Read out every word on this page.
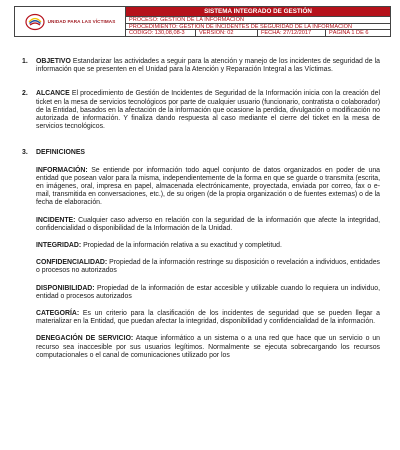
UNIDAD PARA LAS VÍCTIMAS
SISTEMA INTEGRADO DE GESTIÓN
PROCESO: GESTIÓN DE LA INFORMACIÓN
PROCEDIMIENTO: GESTIÓN DE INCIDENTES DE SEGURIDAD DE LA INFORMACIÓN
CÓDIGO: 130,08,08-3	VERSIÓN: 02	FECHA: 27/12/2017	PÁGINA 1 DE 6
1.	OBJETIVO Estandarizar las actividades a seguir para la atención y manejo de los incidentes de seguridad de la información que se presenten en el Unidad para la Atención y Reparación Integral a las Víctimas.
2.	ALCANCE El procedimiento de Gestión de Incidentes de Seguridad de la Información inicia con la creación del ticket en la mesa de servicios tecnológicos por parte de cualquier usuario (funcionario, contratista o colaborador) de la Entidad, basados en la afectación de la información que ocasione la perdida, divulgación o modificación no autorizada de información. Y finaliza dando respuesta al caso mediante el cierre del ticket en la mesa de servicios tecnológicos.
3.	DEFINICIONES

INFORMACIÓN: Se entiende por información todo aquel conjunto de datos organizados en poder de una entidad que posean valor para la misma, independientemente de la forma en que se guarde o transmita (escrita, en imágenes, oral, impresa en papel, almacenada electrónicamente, proyectada, enviada por correo, fax o e-mail, transmitida en conversaciones, etc.), de su origen (de la propia organización o de fuentes externas) o de la fecha de elaboración.

INCIDENTE: Cualquier caso adverso en relación con la seguridad de la información que afecte la integridad, confidencialidad o disponibilidad de la Información de la Unidad.

INTEGRIDAD: Propiedad de la información relativa a su exactitud y completitud.

CONFIDENCIALIDAD: Propiedad de la información restringe su disposición o revelación a individuos, entidades o procesos no autorizados

DISPONIBILIDAD: Propiedad de la información de estar accesible y utilizable cuando lo requiera un individuo, entidad o procesos autorizados

CATEGORÍA: Es un criterio para la clasificación de los incidentes de seguridad que se pueden llegar a materializar en la Entidad, que puedan afectar la integridad, disponibilidad y confidencialidad de la información.

DENEGACIÓN DE SERVICIO: Ataque informático a un sistema o a una red que hace que un servicio o un recurso sea inaccesible por sus usuarios legítimos. Normalmente se ejecuta sobrecargando los recursos computacionales o el canal de comunicaciones utilizado por los
